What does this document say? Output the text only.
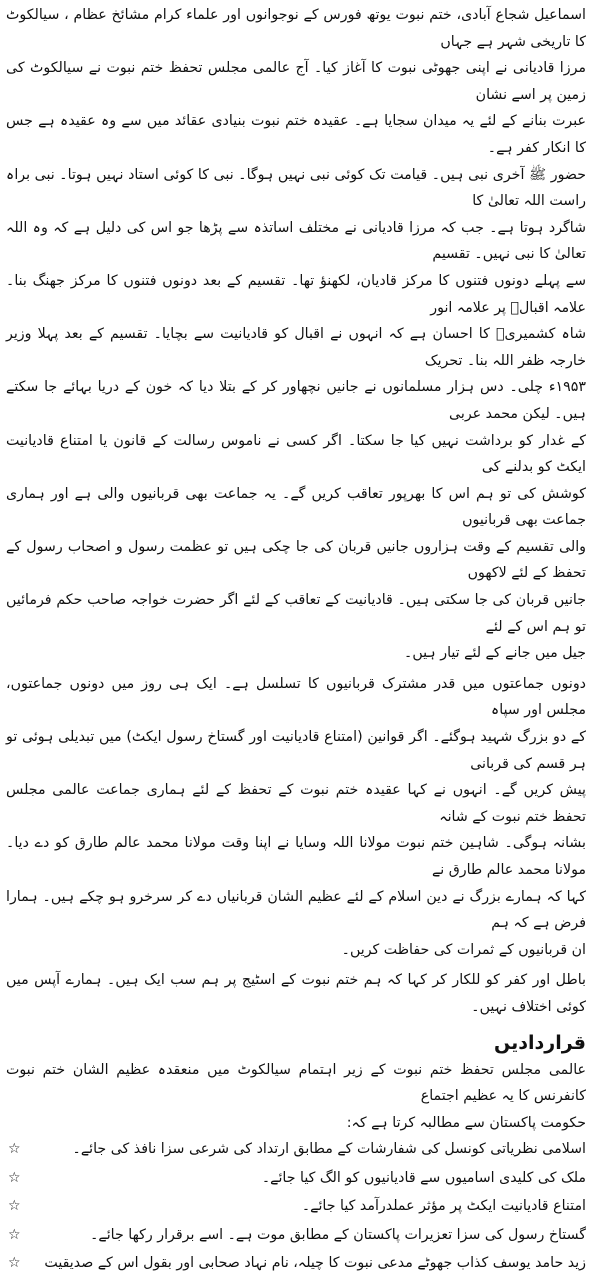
اسماعیل شجاع آبادی، ختم نبوت یوتھ فورس کے نوجوانوں اور علماء کرام مشائخ عظام ، سیالکوٹ کا تاریخی شہر ہے جہاں

مرزا قادیانی نے اپنی جھوٹی نبوت کا آغاز کیا۔ آج عالمی مجلس تحفظ ختم نبوت نے سیالکوٹ کی زمین پر اسے نشان

عبرت بنانے کے لئے یہ میدان سجایا ہے۔ عقیدہ ختم نبوت بنیادی عقائد میں سے وہ عقیدہ ہے جس کا انکار کفر ہے۔

حضور ﷺ آخری نبی ہیں۔ قیامت تک کوئی نبی نہیں ہوگا۔ نبی کا کوئی استاد نہیں ہوتا۔ نبی براہ راست اللہ تعالیٰ کا

شاگرد ہوتا ہے۔ جب کہ مرزا قادیانی نے مختلف اساتذہ سے پڑھا جو اس کی دلیل ہے کہ وہ اللہ تعالیٰ کا نبی نہیں۔ تقسیم

سے پہلے دونوں فتنوں کا مرکز قادیان، لکھنؤ تھا۔ تقسیم کے بعد دونوں فتنوں کا مرکز جھنگ بنا۔ علامہ اقبالؒ پر علامہ انور

شاہ کشمیریؒ کا احسان ہے کہ انہوں نے اقبال کو قادیانیت سے بچایا۔ تقسیم کے بعد پہلا وزیر خارجہ ظفر اللہ بنا۔ تحریک

۱۹۵۳ء چلی۔ دس ہزار مسلمانوں نے جانیں نچھاور کر کے بتلا دیا کہ خون کے دریا بہائے جا سکتے ہیں۔ لیکن محمد عربی

کے غدار کو برداشت نہیں کیا جا سکتا۔ اگر کسی نے ناموس رسالت کے قانون یا امتناع قادیانیت ایکٹ کو بدلنے کی

کوشش کی تو ہم اس کا بھرپور تعاقب کریں گے۔ یہ جماعت بھی قربانیوں والی ہے اور ہماری جماعت بھی قربانیوں

والی تقسیم کے وقت ہزاروں جانیں قربان کی جا چکی ہیں تو عظمت رسول و اصحاب رسول کے تحفظ کے لئے لاکھوں

جانیں قربان کی جا سکتی ہیں۔ قادیانیت کے تعاقب کے لئے اگر حضرت خواجہ صاحب حکم فرمائیں تو ہم اس کے لئے

جیل میں جانے کے لئے تیار ہیں۔

دونوں جماعتوں میں قدر مشترک قربانیوں کا تسلسل ہے۔ ایک ہی روز میں دونوں جماعتوں، مجلس اور سپاہ

کے دو بزرگ شہید ہوگئے۔ اگر قوانین (امتناع قادیانیت اور گستاخ رسول ایکٹ) میں تبدیلی ہوئی تو ہر قسم کی قربانی

پیش کریں گے۔ انہوں نے کہا عقیدہ ختم نبوت کے تحفظ کے لئے ہماری جماعت عالمی مجلس تحفظ ختم نبوت کے شانہ

بشانہ ہوگی۔ شاہین ختم نبوت مولانا اللہ وسایا نے اپنا وقت مولانا محمد عالم طارق کو دے دیا۔ مولانا محمد عالم طارق نے

کہا کہ ہمارے بزرگ نے دین اسلام کے لئے عظیم الشان قربانیاں دے کر سرخرو ہو چکے ہیں۔ ہمارا فرض ہے کہ ہم

ان قربانیوں کے ثمرات کی حفاظت کریں۔

باطل اور کفر کو للکار کر کہا کہ ہم ختم نبوت کے اسٹیج پر ہم سب ایک ہیں۔ ہمارے آپس میں کوئی اختلاف نہیں۔

قراردادیں

عالمی مجلس تحفظ ختم نبوت کے زیر اہتمام سیالکوٹ میں منعقدہ عظیم الشان ختم نبوت کانفرنس کا یہ عظیم اجتماع

حکومت پاکستان سے مطالبہ کرتا ہے کہ:

☆	اسلامی نظریاتی کونسل کی شفارشات کے مطابق ارتداد کی شرعی سزا نافذ کی جائے۔
☆	ملک کی کلیدی اسامیوں سے قادیانیوں کو الگ کیا جائے۔
☆	امتناع قادیانیت ایکٹ پر مؤثر عملدرآمد کیا جائے۔
☆	گستاخ رسول کی سزا تعزیرات پاکستان کے مطابق موت ہے۔ اسے برقرار رکھا جائے۔
☆	زید حامد یوسف کذاب جھوٹے مدعی نبوت کا چیلہ، نام نہاد صحابی اور بقول اس کے صدیقیت
